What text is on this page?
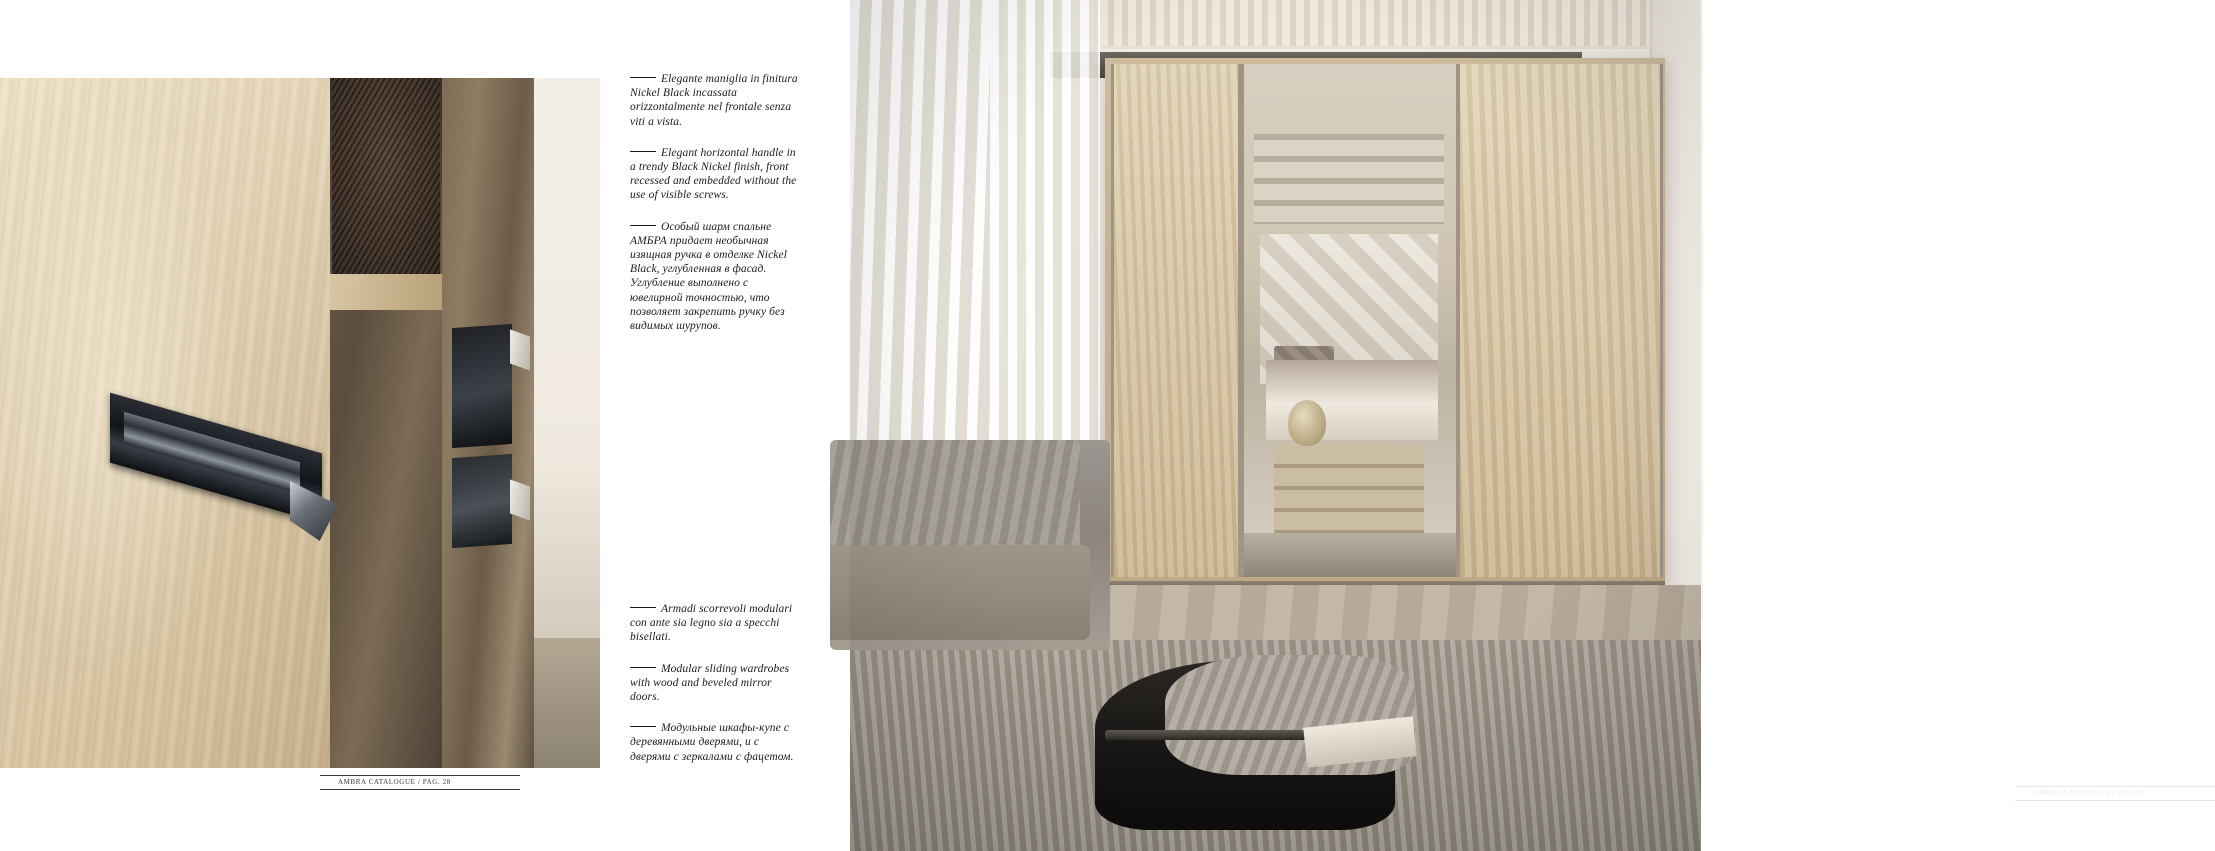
Elegante maniglia in finitura Nickel Black incassata orizzontalmente nel frontale senza viti a vista.

Elegant horizontal handle in a trendy Black Nickel finish, front recessed and embedded without the use of visible screws.

Особый шарм спальне АМБРА придает необычная изящная ручка в отделке Nickel Black, углубленная в фасад. Углубление выполнено с ювелирной точностью, что позволяет закрепить ручку без видимых шурупов.

Armadi scorrevoli modulari con ante sia legno sia a specchi bisellati.

Modular sliding wardrobes with wood and beveled mirror doors.

Модульные шкафы-купе с деревянными дверями, и с дверями с зеркалами с фацетом.

AMBRA CATALOGUE / PAG. 28
AMBRA CATALOGUE / PAG. 29
